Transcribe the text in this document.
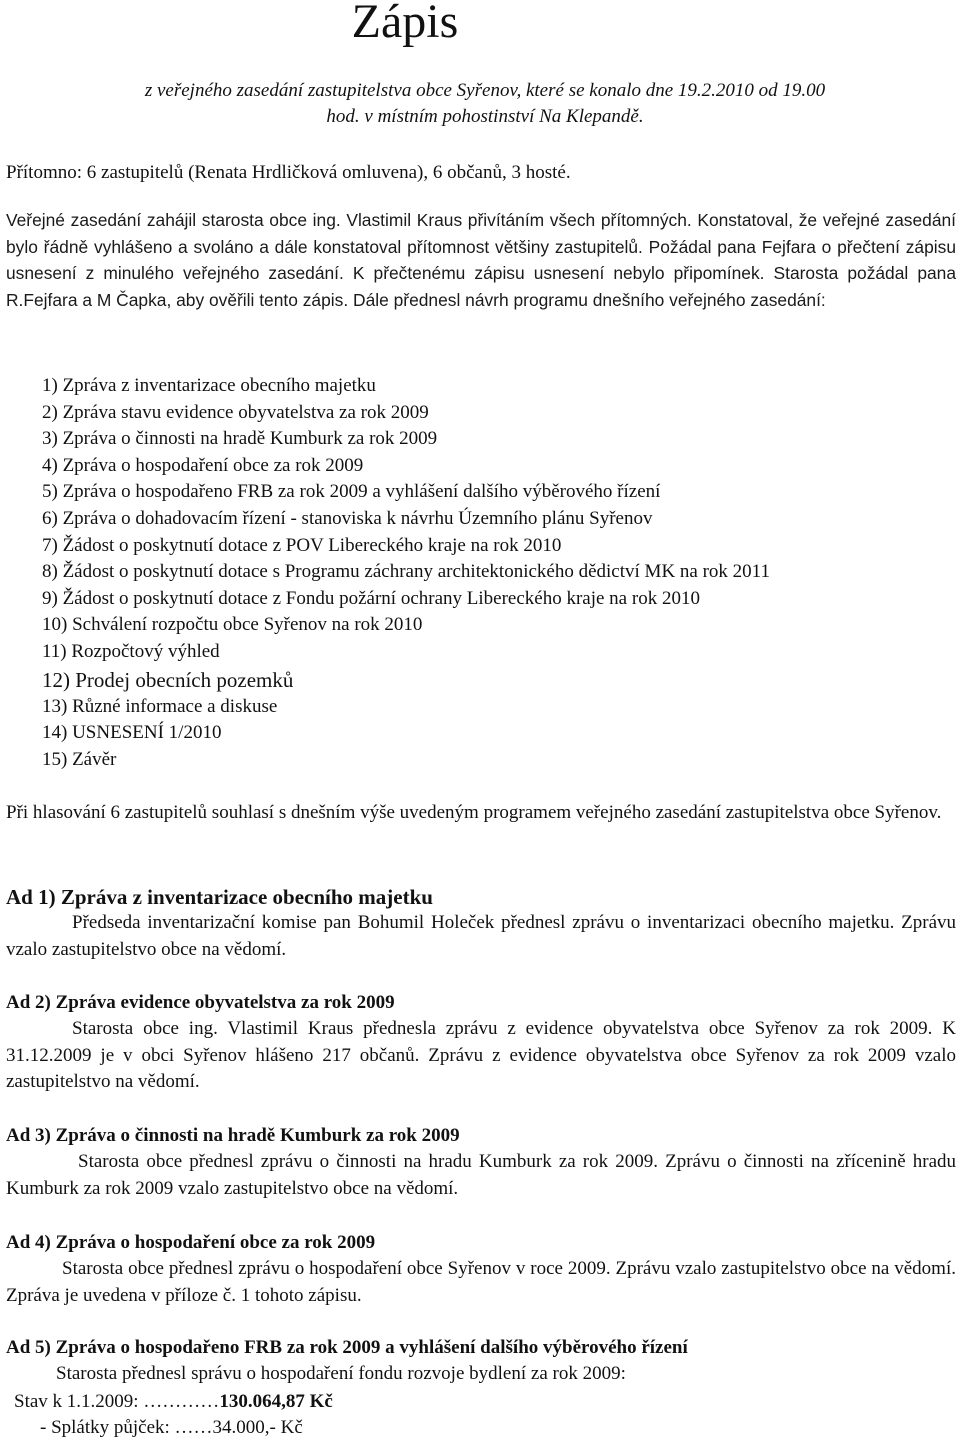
Zápis
z veřejného zasedání zastupitelstva obce Syřenov, které se konalo dne 19.2.2010 od 19.00
hod. v místním pohostinství Na Klepandě.
Přítomno: 6 zastupitelů (Renata Hrdličková omluvena), 6 občanů, 3 hosté.
Veřejné zasedání zahájil starosta obce ing. Vlastimil Kraus přivítáním všech přítomných. Konstatoval, že veřejné zasedání bylo řádně vyhlášeno a svoláno a dále konstatoval přítomnost většiny zastupitelů. Požádal pana Fejfara o přečtení zápisu usnesení z minulého veřejného zasedání. K přečtenému zápisu usnesení nebylo připomínek. Starosta požádal pana R.Fejfara a M Čapka, aby ověřili tento zápis. Dále přednesl návrh programu dnešního veřejného zasedání:
1) Zpráva z inventarizace obecního majetku
2) Zpráva stavu evidence obyvatelstva za rok 2009
3) Zpráva o činnosti na hradě Kumburk za rok 2009
4) Zpráva o hospodaření obce za rok 2009
5) Zpráva o hospodařeno FRB za rok 2009 a vyhlášení dalšího výběrového řízení
6) Zpráva o dohadovacím řízení - stanoviska k návrhu Územního plánu Syřenov
7) Žádost o poskytnutí dotace z POV Libereckého kraje na rok 2010
8) Žádost o poskytnutí dotace s Programu záchrany architektonického dědictví MK na rok 2011
9) Žádost o poskytnutí dotace z Fondu požární ochrany Libereckého kraje na rok 2010
10) Schválení rozpočtu obce Syřenov na rok 2010
11) Rozpočtový výhled
12) Prodej obecních pozemků
13) Různé informace a diskuse
14) USNESENÍ 1/2010
15) Závěr
Při hlasování 6 zastupitelů souhlasí s dnešním výše uvedeným programem veřejného zasedání zastupitelstva obce Syřenov.
Ad 1) Zpráva z inventarizace obecního majetku
Předseda inventarizační komise pan Bohumil Holeček přednesl zprávu o inventarizaci obecního majetku. Zprávu vzalo zastupitelstvo obce na vědomí.
Ad 2) Zpráva evidence obyvatelstva za rok 2009
Starosta obce ing. Vlastimil Kraus přednesla zprávu z evidence obyvatelstva obce Syřenov za rok 2009. K 31.12.2009 je v obci Syřenov hlášeno 217 občanů. Zprávu z evidence obyvatelstva obce Syřenov za rok 2009 vzalo zastupitelstvo na vědomí.
Ad 3) Zpráva o činnosti na hradě Kumburk za rok 2009
Starosta obce přednesl zprávu o činnosti na hradu Kumburk za rok 2009. Zprávu o činnosti na zřícenině hradu Kumburk za rok 2009 vzalo zastupitelstvo obce na vědomí.
Ad 4) Zpráva o hospodaření obce za rok 2009
Starosta obce přednesl zprávu o hospodaření obce Syřenov v roce 2009. Zprávu vzalo zastupitelstvo obce na vědomí. Zpráva je uvedena v příloze č. 1 tohoto zápisu.
Ad 5) Zpráva o hospodařeno FRB za rok 2009 a vyhlášení dalšího výběrového řízení
Starosta přednesl správu o hospodaření fondu rozvoje bydlení za rok 2009:
Stav k 1.1.2009: …………130.064,87 Kč
- Splátky půjček: ……34.000,- Kč
